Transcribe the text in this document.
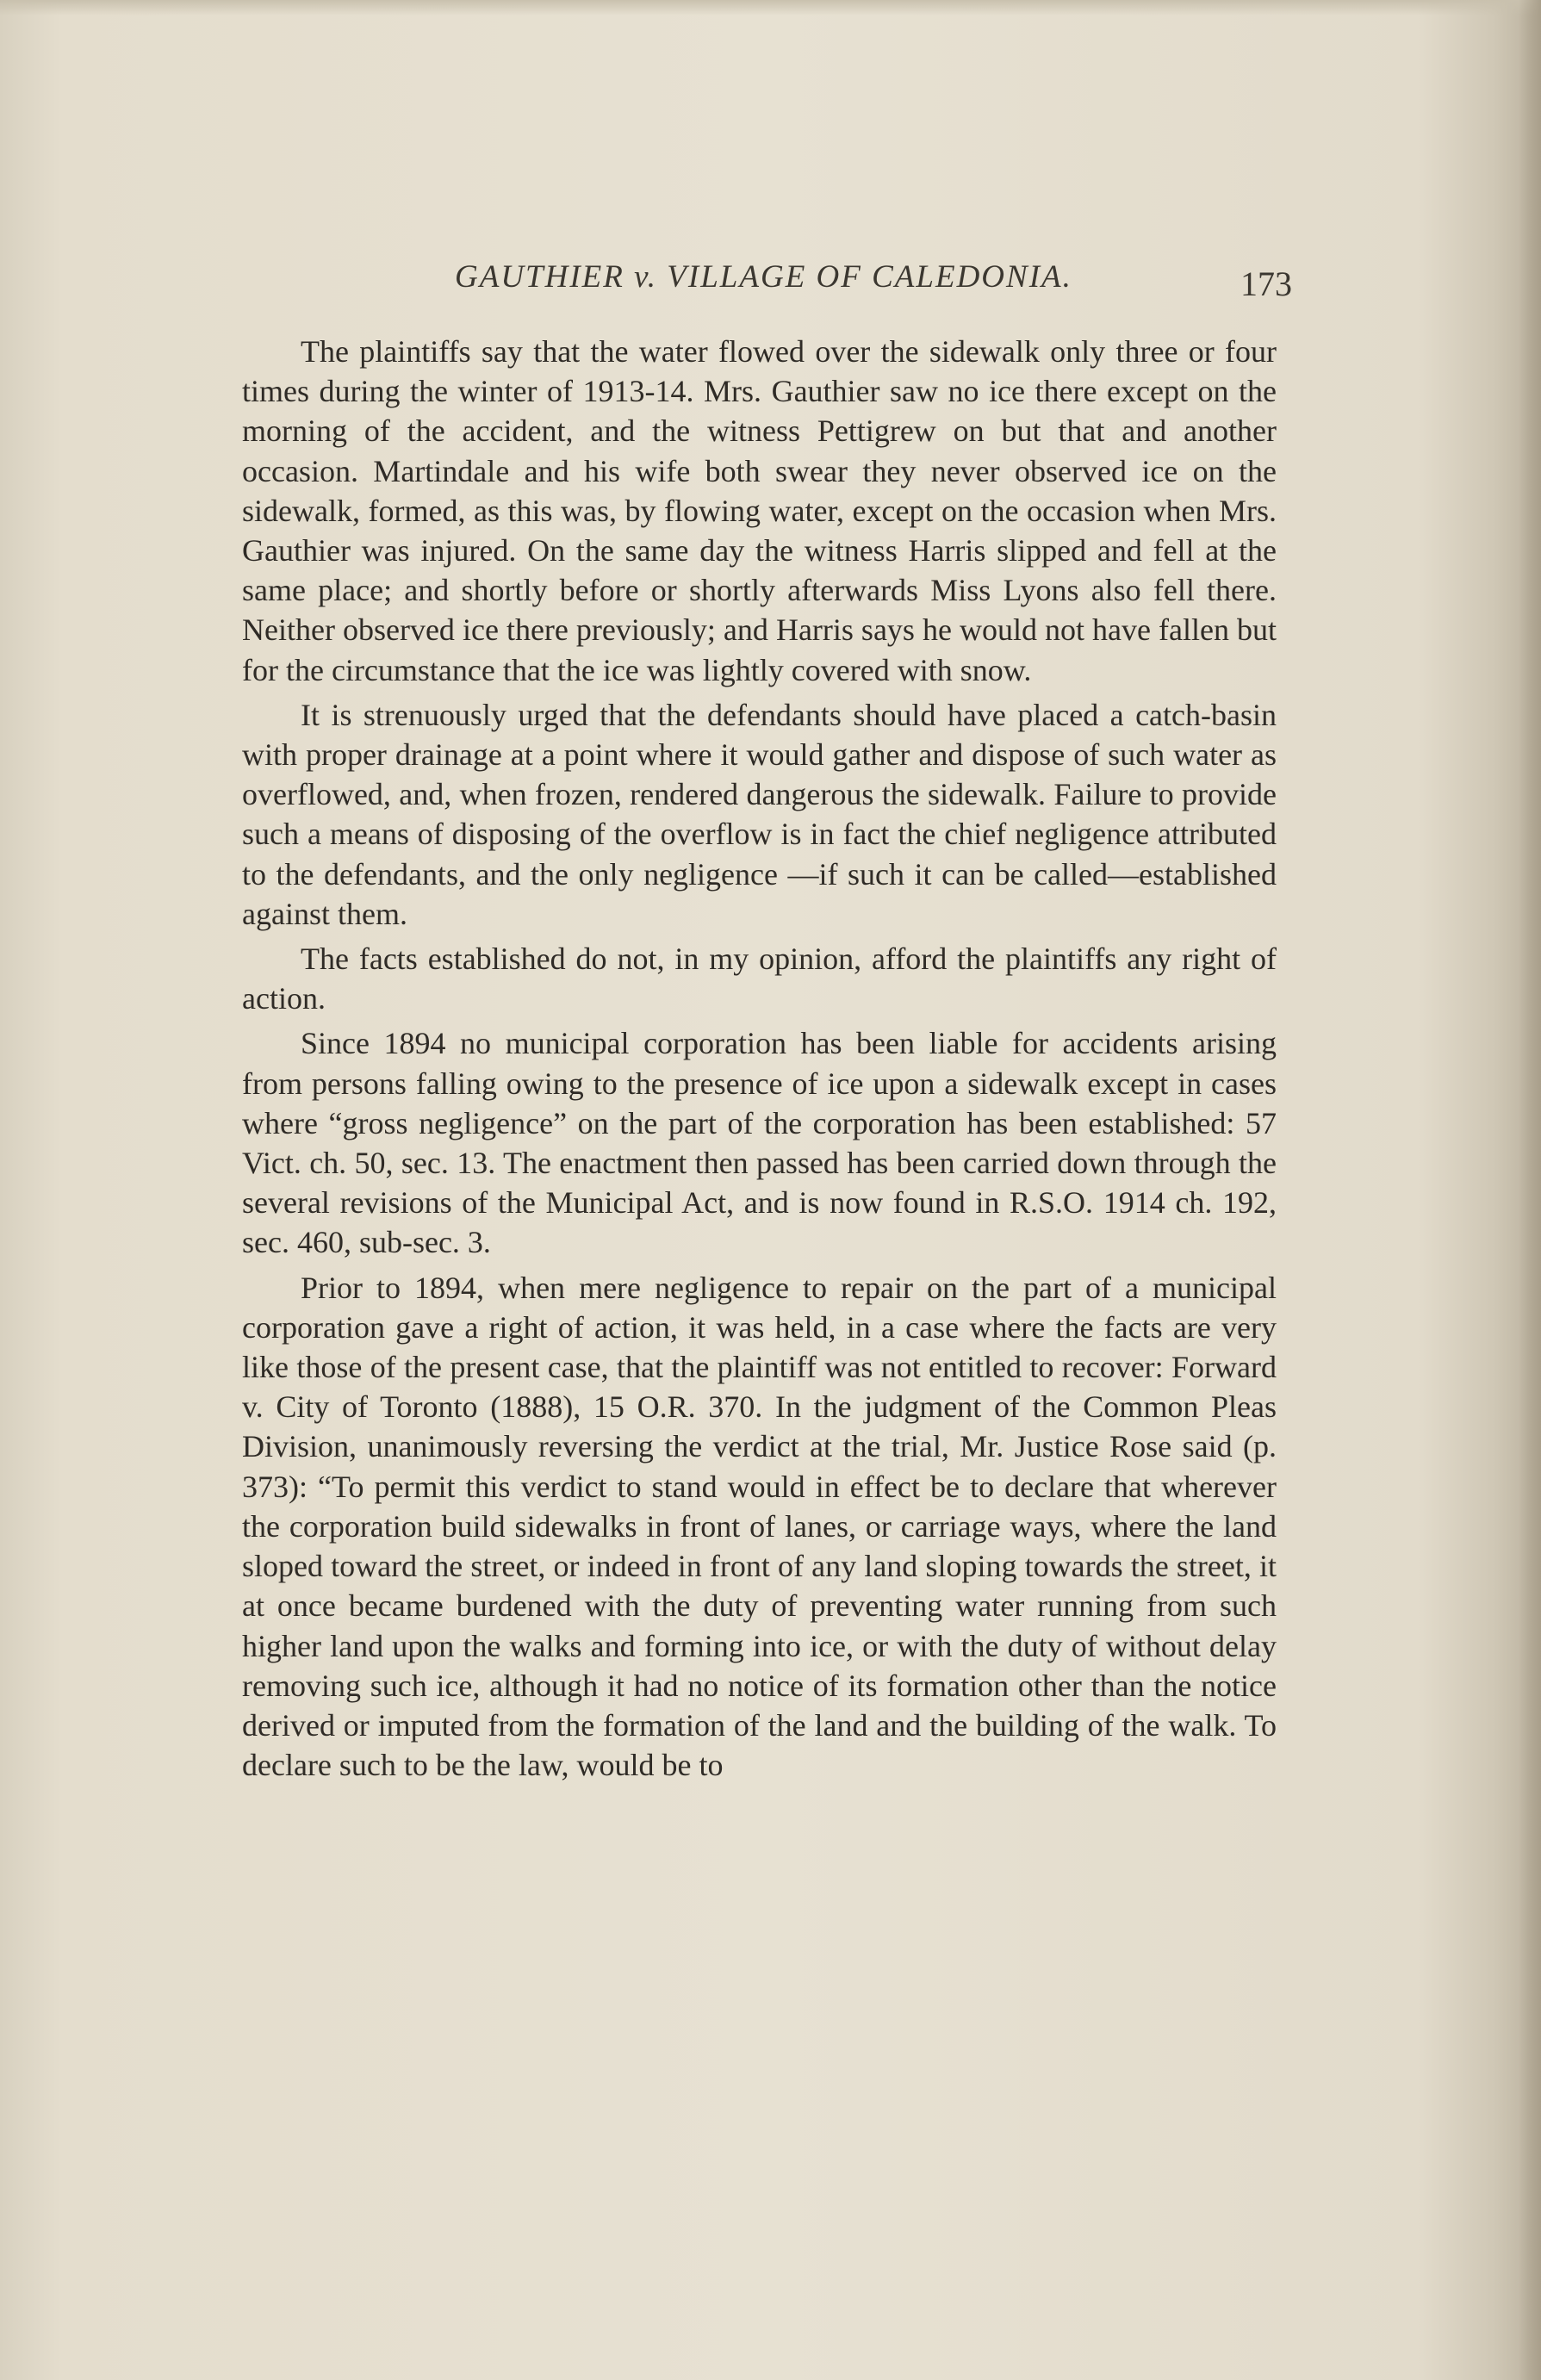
GAUTHIER v. VILLAGE OF CALEDONIA.	173

The plaintiffs say that the water flowed over the sidewalk only three or four times during the winter of 1913-14. Mrs. Gauthier saw no ice there except on the morning of the accident, and the witness Pettigrew on but that and another occasion. Martindale and his wife both swear they never observed ice on the sidewalk, formed, as this was, by flowing water, except on the occasion when Mrs. Gauthier was injured. On the same day the witness Harris slipped and fell at the same place; and shortly before or shortly afterwards Miss Lyons also fell there. Neither observed ice there previously; and Harris says he would not have fallen but for the circumstance that the ice was lightly covered with snow.

It is strenuously urged that the defendants should have placed a catch-basin with proper drainage at a point where it would gather and dispose of such water as overflowed, and, when frozen, rendered dangerous the sidewalk. Failure to provide such a means of disposing of the overflow is in fact the chief negligence attributed to the defendants, and the only negligence —if such it can be called—established against them.

The facts established do not, in my opinion, afford the plaintiffs any right of action.

Since 1894 no municipal corporation has been liable for accidents arising from persons falling owing to the presence of ice upon a sidewalk except in cases where “gross negligence” on the part of the corporation has been established: 57 Vict. ch. 50, sec. 13. The enactment then passed has been carried down through the several revisions of the Municipal Act, and is now found in R.S.O. 1914 ch. 192, sec. 460, sub-sec. 3.

Prior to 1894, when mere negligence to repair on the part of a municipal corporation gave a right of action, it was held, in a case where the facts are very like those of the present case, that the plaintiff was not entitled to recover: Forward v. City of Toronto (1888), 15 O.R. 370. In the judgment of the Common Pleas Division, unanimously reversing the verdict at the trial, Mr. Justice Rose said (p. 373): “To permit this verdict to stand would in effect be to declare that wherever the corporation build sidewalks in front of lanes, or carriage ways, where the land sloped toward the street, or indeed in front of any land sloping towards the street, it at once became burdened with the duty of preventing water running from such higher land upon the walks and forming into ice, or with the duty of without delay removing such ice, although it had no notice of its formation other than the notice derived or imputed from the formation of the land and the building of the walk. To declare such to be the law, would be to
